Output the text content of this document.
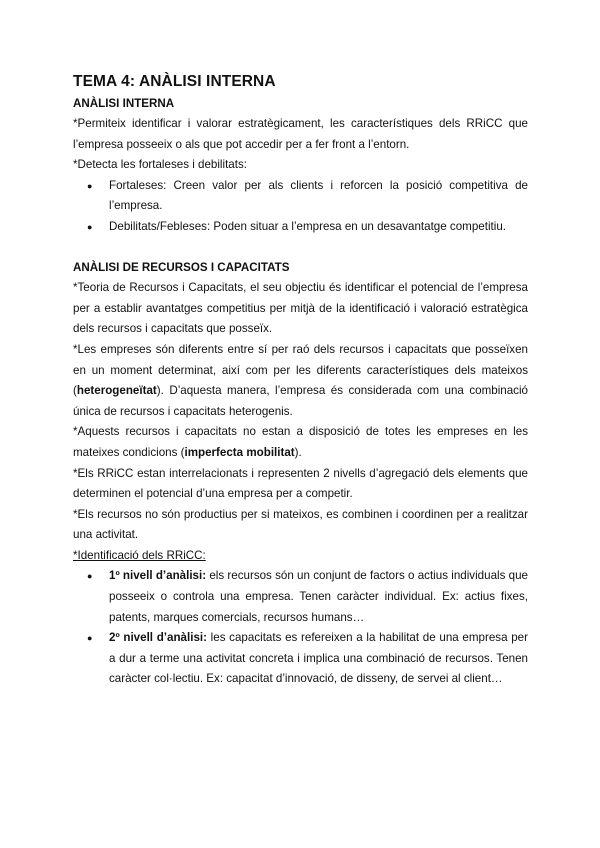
TEMA 4: ANÀLISI INTERNA
ANÀLISI INTERNA

*Permiteix identificar i valorar estratègicament, les característiques dels RRiCC que l’empresa posseeix o als que pot accedir per a fer front a l’entorn.

*Detecta les fortaleses i debilitats:

● Fortaleses: Creen valor per als clients i reforcen la posició competitiva de l’empresa.
● Debilitats/Febleses: Poden situar a l’empresa en un desavantatge competitiu.
ANÀLISI DE RECURSOS I CAPACITATS

*Teoria de Recursos i Capacitats, el seu objectiu és identificar el potencial de l’empresa per a establir avantatges competitius per mitjà de la identificació i valoració estratègica dels recursos i capacitats que posseïx.

*Les empreses són diferents entre sí per raó dels recursos i capacitats que posseïxen en un moment determinat, així com per les diferents característiques dels mateixos (heterogeneïtat). D’aquesta manera, l’empresa és considerada com una combinació única de recursos i capacitats heterogenis.

*Aquests recursos i capacitats no estan a disposició de totes les empreses en les mateixes condicions (imperfecta mobilitat).

*Els RRiCC estan interrelacionats i representen 2 nivells d’agregació dels elements que determinen el potencial d’una empresa per a competir.

*Els recursos no són productius per si mateixos, es combinen i coordinen per a realitzar una activitat.

*Identificació dels RRiCC:

● 1º nivell d’anàlisi: els recursos són un conjunt de factors o actius individuals que posseeix o controla una empresa. Tenen caràcter individual. Ex: actius fixes, patents, marques comercials, recursos humans…
● 2º nivell d’anàlisi: les capacitats es refereixen a la habilitat de una empresa per a dur a terme una activitat concreta i implica una combinació de recursos. Tenen caràcter col·lectiu. Ex: capacitat d’innovació, de disseny, de servei al client…
